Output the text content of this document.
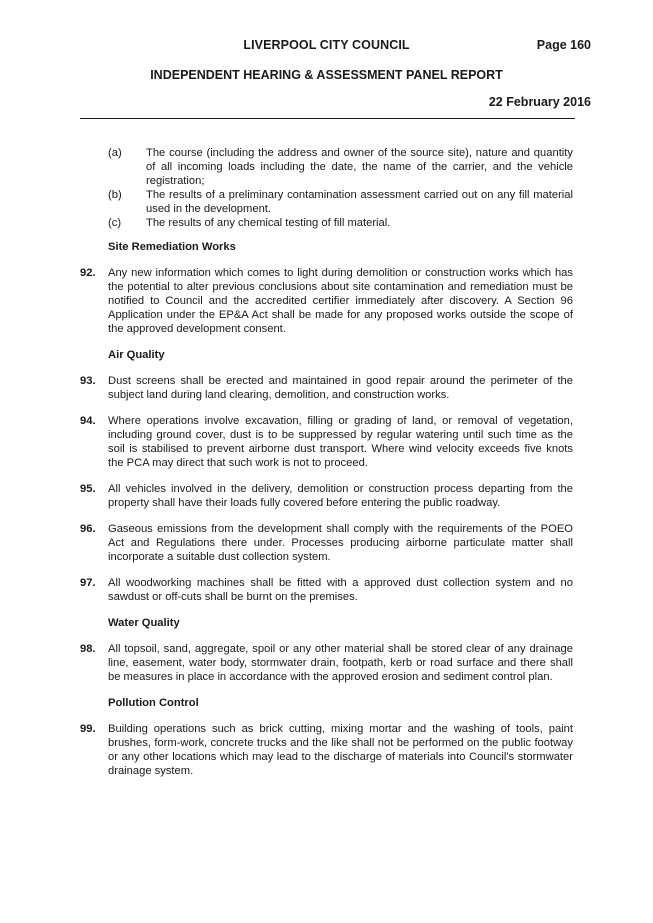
LIVERPOOL CITY COUNCIL	Page 160
INDEPENDENT HEARING & ASSESSMENT PANEL REPORT
22 February 2016
(a) The course (including the address and owner of the source site), nature and quantity of all incoming loads including the date, the name of the carrier, and the vehicle registration;
(b) The results of a preliminary contamination assessment carried out on any fill material used in the development.
(c) The results of any chemical testing of fill material.
Site Remediation Works
92. Any new information which comes to light during demolition or construction works which has the potential to alter previous conclusions about site contamination and remediation must be notified to Council and the accredited certifier immediately after discovery. A Section 96 Application under the EP&A Act shall be made for any proposed works outside the scope of the approved development consent.
Air Quality
93. Dust screens shall be erected and maintained in good repair around the perimeter of the subject land during land clearing, demolition, and construction works.
94. Where operations involve excavation, filling or grading of land, or removal of vegetation, including ground cover, dust is to be suppressed by regular watering until such time as the soil is stabilised to prevent airborne dust transport. Where wind velocity exceeds five knots the PCA may direct that such work is not to proceed.
95. All vehicles involved in the delivery, demolition or construction process departing from the property shall have their loads fully covered before entering the public roadway.
96. Gaseous emissions from the development shall comply with the requirements of the POEO Act and Regulations there under. Processes producing airborne particulate matter shall incorporate a suitable dust collection system.
97. All woodworking machines shall be fitted with a approved dust collection system and no sawdust or off-cuts shall be burnt on the premises.
Water Quality
98. All topsoil, sand, aggregate, spoil or any other material shall be stored clear of any drainage line, easement, water body, stormwater drain, footpath, kerb or road surface and there shall be measures in place in accordance with the approved erosion and sediment control plan.
Pollution Control
99. Building operations such as brick cutting, mixing mortar and the washing of tools, paint brushes, form-work, concrete trucks and the like shall not be performed on the public footway or any other locations which may lead to the discharge of materials into Council's stormwater drainage system.
